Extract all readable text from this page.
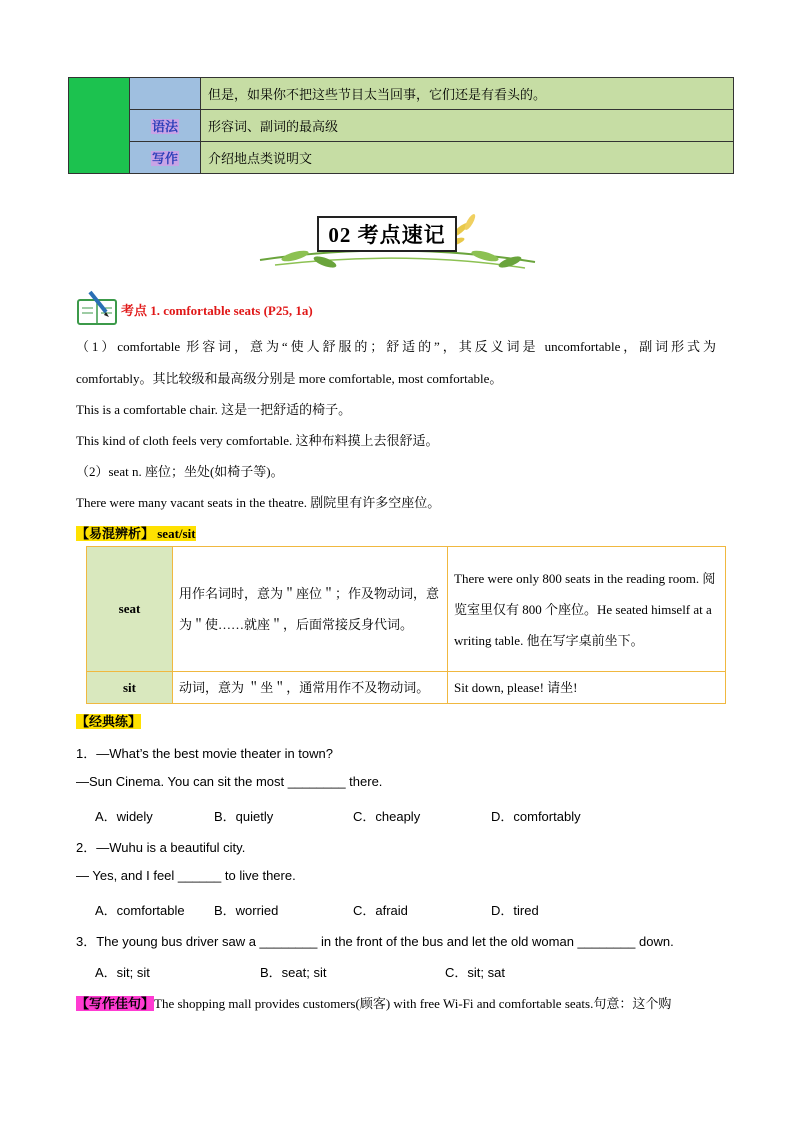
		但是，如果你不把这些节目太当回事，它们还是有看头的。
	语法	形容词、副词的最高级
	写作	介绍地点类说明文
02 考点速记
考点 1. comfortable seats (P25, 1a)
（1）comfortable 形容词，意为“使人舒服的；舒适的”，其反义词是 uncomfortable，副词形式为
comfortably。其比较级和最高级分别是 more comfortable, most comfortable。
This is a comfortable chair. 这是一把舒适的椅子。
This kind of cloth feels very comfortable. 这种布料摸上去很舒适。
（2）seat n. 座位；坐处(如椅子等)。
There were many vacant seats in the theatre. 剧院里有许多空座位。
【易混辨析】 seat/sit
seat	用作名词时，意为＂座位＂；作及物动词，意为＂使……就座＂，后面常接反身代词。	There were only 800 seats in the reading room. 阅览室里仅有 800 个座位。He seated himself at a writing table. 他在写字桌前坐下。
sit	动词，意为 ＂坐＂，通常用作不及物动词。	Sit down, please! 请坐!
【经典练】
1．—What’s the best movie theater in town?
—Sun Cinema. You can sit the most ________ there.
A．widely	B．quietly	C．cheaply	D．comfortably
2．—Wuhu is a beautiful city.
— Yes, and I feel ______ to live there.
A．comfortable B．worried	C．afraid	D．tired
3．The young bus driver saw a ________ in the front of the bus and let the old woman ________ down.
A．sit; sit	B．seat; sit	C．sit; sat
【写作佳句】The shopping mall provides customers(顾客) with free Wi-Fi and comfortable seats.句意：这个购
